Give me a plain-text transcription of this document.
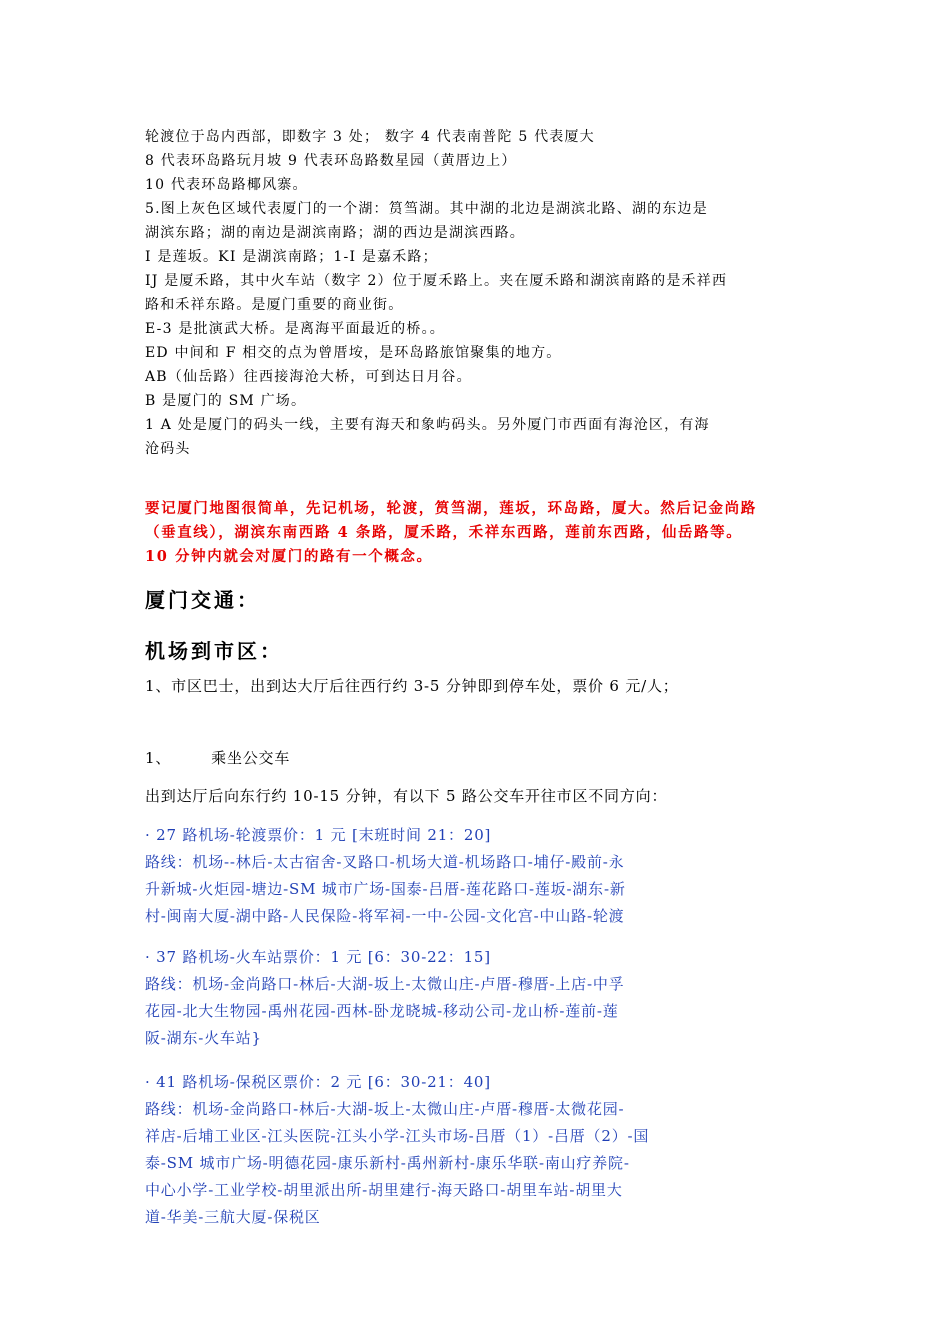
轮渡位于岛内西部，即数字 3 处； 数字 4 代表南普陀 5 代表厦大
8 代表环岛路玩月坡 9 代表环岛路数星园（黄厝边上）
10 代表环岛路椰风寨。
5.图上灰色区域代表厦门的一个湖：筼筜湖。其中湖的北边是湖滨北路、湖的东边是
湖滨东路；湖的南边是湖滨南路；湖的西边是湖滨西路。
I 是莲坂。KI 是湖滨南路；1-I 是嘉禾路；
IJ 是厦禾路，其中火车站（数字 2）位于厦禾路上。夹在厦禾路和湖滨南路的是禾祥西
路和禾祥东路。是厦门重要的商业街。
E-3 是批演武大桥。是离海平面最近的桥。。
ED 中间和 F 相交的点为曾厝垵，是环岛路旅馆聚集的地方。
AB（仙岳路）往西接海沧大桥，可到达日月谷。
B 是厦门的 SM 广场。
1 A 处是厦门的码头一线，主要有海天和象屿码头。另外厦门市西面有海沧区，有海
沧码头
要记厦门地图很简单，先记机场，轮渡，筼筜湖，莲坂，环岛路，厦大。然后记金尚路
（垂直线），湖滨东南西路 4 条路，厦禾路，禾祥东西路，莲前东西路，仙岳路等。
10 分钟内就会对厦门的路有一个概念。
厦门交通：
机场到市区：
1、市区巴士，出到达大厅后往西行约 3-5 分钟即到停车处，票价 6 元/人；
1、	乘坐公交车
出到达厅后向东行约 10-15 分钟，有以下 5 路公交车开往市区不同方向：
· 27 路机场-轮渡票价：1 元 [末班时间 21：20]
路线：机场--林后-太古宿舍-叉路口-机场大道-机场路口-埔仔-殿前-永
升新城-火炬园-塘边-SM 城市广场-国泰-吕厝-莲花路口-莲坂-湖东-新
村-闽南大厦-湖中路-人民保险-将军祠-一中-公园-文化宫-中山路-轮渡
· 37 路机场-火车站票价：1 元 [6：30-22：15]
路线：机场-金尚路口-林后-大湖-坂上-太微山庄-卢厝-穆厝-上店-中孚
花园-北大生物园-禹州花园-西林-卧龙晓城-移动公司-龙山桥-莲前-莲
阪-湖东-火车站}
· 41 路机场-保税区票价：2 元 [6：30-21：40]
路线：机场-金尚路口-林后-大湖-坂上-太微山庄-卢厝-穆厝-太微花园-
祥店-后埔工业区-江头医院-江头小学-江头市场-吕厝（1）-吕厝（2）-国
泰-SM 城市广场-明德花园-康乐新村-禹州新村-康乐华联-南山疗养院-
中心小学-工业学校-胡里派出所-胡里建行-海天路口-胡里车站-胡里大
道-华美-三航大厦-保税区
